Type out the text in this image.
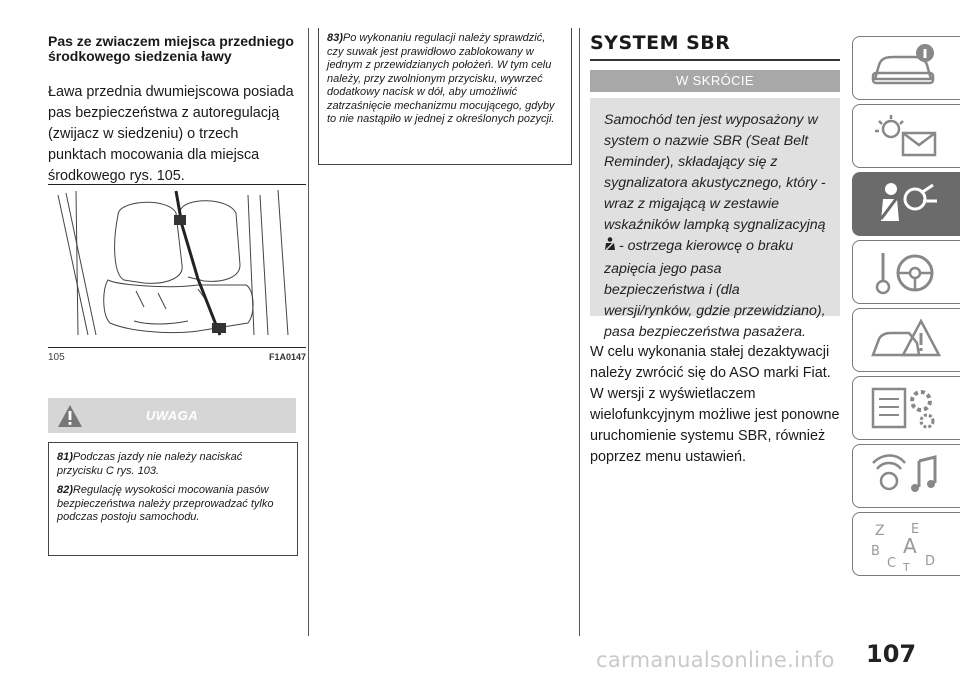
Pas ze zwiaczem miejsca przedniego środkowego siedzenia ławy
Ława przednia dwumiejscowa posiada pas bezpieczeństwa z autoregulacją (zwijacz w siedzeniu) o trzech punktach mocowania dla miejsca środkowego rys. 105.
105	F1A0147
UWAGA

81)Podczas jazdy nie należy naciskać przycisku C rys. 103.

82)Regulację wysokości mocowania pasów bezpieczeństwa należy przeprowadzać tylko podczas postoju samochodu.

83)Po wykonaniu regulacji należy sprawdzić, czy suwak jest prawidłowo zablokowany w jednym z przewidzianych położeń. W tym celu należy, przy zwolnionym przycisku, wywrzeć dodatkowy nacisk w dół, aby umożliwić zatrzaśnięcie mechanizmu mocującego, gdyby to nie nastąpiło w jednej z określonych pozycji.

SYSTEM SBR
W SKRÓCIE
Samochód ten jest wyposażony w system o nazwie SBR (Seat Belt Reminder), składający się z sygnalizatora akustycznego, który - wraz z migającą w zestawie wskaźników lampką sygnalizacyjną
- ostrzega kierowcę o braku zapięcia jego pasa bezpieczeństwa i (dla wersji/rynków, gdzie przewidziano), pasa bezpieczeństwa pasażera.
W celu wykonania stałej dezaktywacji należy zwrócić się do ASO marki Fiat. W wersji z wyświetlaczem wielofunkcyjnym możliwe jest ponowne uruchomienie systemu SBR, również poprzez menu ustawień.
Z E
A
B
C D
T
carmanualsonline.info 107
